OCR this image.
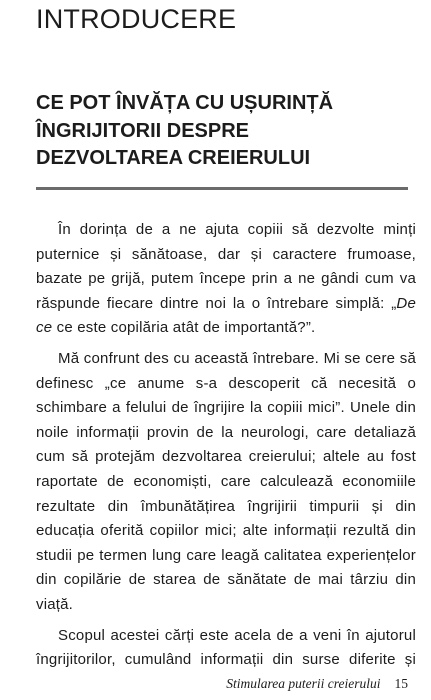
INTRODUCERE
CE POT ÎNVĂȚA CU UȘURINȚĂ
ÎNGRIJITORII DESPRE
DEZVOLTAREA CREIERULUI

În dorința de a ne ajuta copiii să dezvolte minți
puternice și sănătoase, dar și caractere frumoase,
bazate pe grijă, putem începe prin a ne gândi cum va
răspunde fiecare dintre noi la o întrebare simplă: „De
ce ce este copilăria atât de importantă?”.

Mă confrunt des cu această întrebare. Mi se cere să
definesc „ce anume s-a descoperit că necesită o
schimbare a felului de îngrijire la copiii mici”. Unele din
noile informații provin de la neurologi, care detaliază
cum să protejăm dezvoltarea creierului; altele au fost
raportate de economiști, care calculează economiile
rezultate din îmbunătățirea îngrijirii timpurii și din
educația oferită copiilor mici; alte informații rezultă din
studii pe termen lung care leagă calitatea experiențelor
din copilărie de starea de sănătate de mai târziu din viață.

Scopul acestei cărți este acela de a veni în ajutorul
îngrijitorilor, cumulând informații din surse diferite și

Stimularea puterii creierului 15
